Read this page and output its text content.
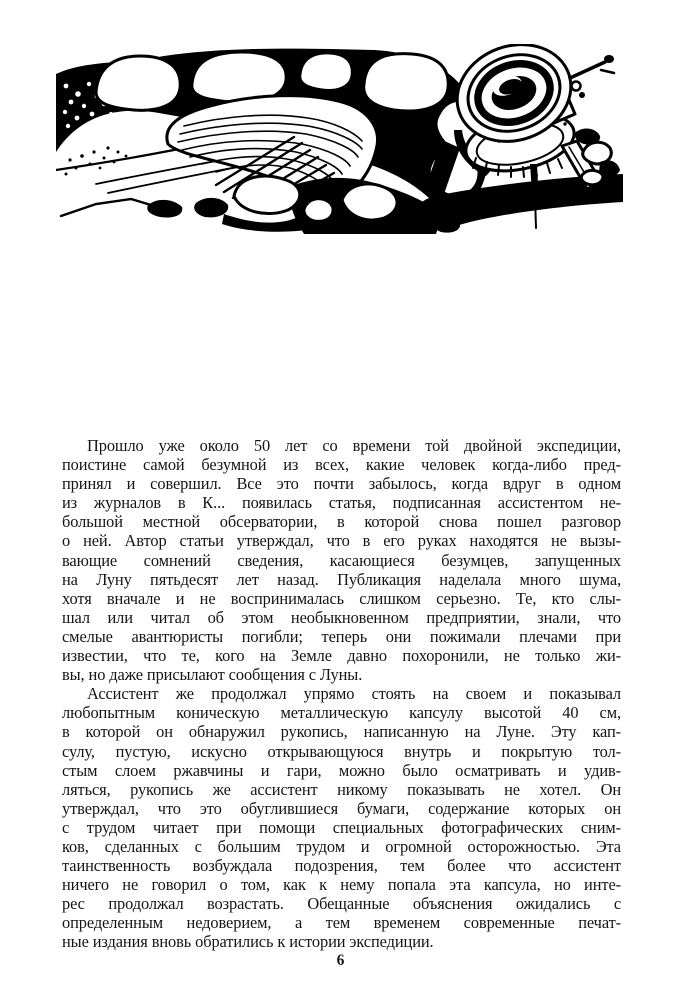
Прошло уже около 50 лет со времени той двойной экспедиции,
поистине самой безумной из всех, какие человек когда-либо пред-
принял и совершил. Все это почти забылось, когда вдруг в одном
из журналов в К... появилась статья, подписанная ассистентом не-
большой местной обсерватории, в которой снова пошел разговор
о ней. Автор статьи утверждал, что в его руках находятся не вызы-
вающие сомнений сведения, касающиеся безумцев, запущенных
на Луну пятьдесят лет назад. Публикация наделала много шума,
хотя вначале и не воспринималась слишком серьезно. Те, кто слы-
шал или читал об этом необыкновенном предприятии, знали, что
смелые авантюристы погибли; теперь они пожимали плечами при
известии, что те, кого на Земле давно похоронили, не только жи-
вы, но даже присылают сообщения с Луны.
Ассистент же продолжал упрямо стоять на своем и показывал
любопытным коническую металлическую капсулу высотой 40 см,
в которой он обнаружил рукопись, написанную на Луне. Эту кап-
сулу, пустую, искусно открывающуюся внутрь и покрытую тол-
стым слоем ржавчины и гари, можно было осматривать и удив-
ляться, рукопись же ассистент никому показывать не хотел. Он
утверждал, что это обуглившиеся бумаги, содержание которых он
с трудом читает при помощи специальных фотографических сним-
ков, сделанных с большим трудом и огромной осторожностью. Эта
таинственность возбуждала подозрения, тем более что ассистент
ничего не говорил о том, как к нему попала эта капсула, но инте-
рес продолжал возрастать. Обещанные объяснения ожидались с
определенным недоверием, а тем временем современные печат-
ные издания вновь обратились к истории экспедиции.
6
